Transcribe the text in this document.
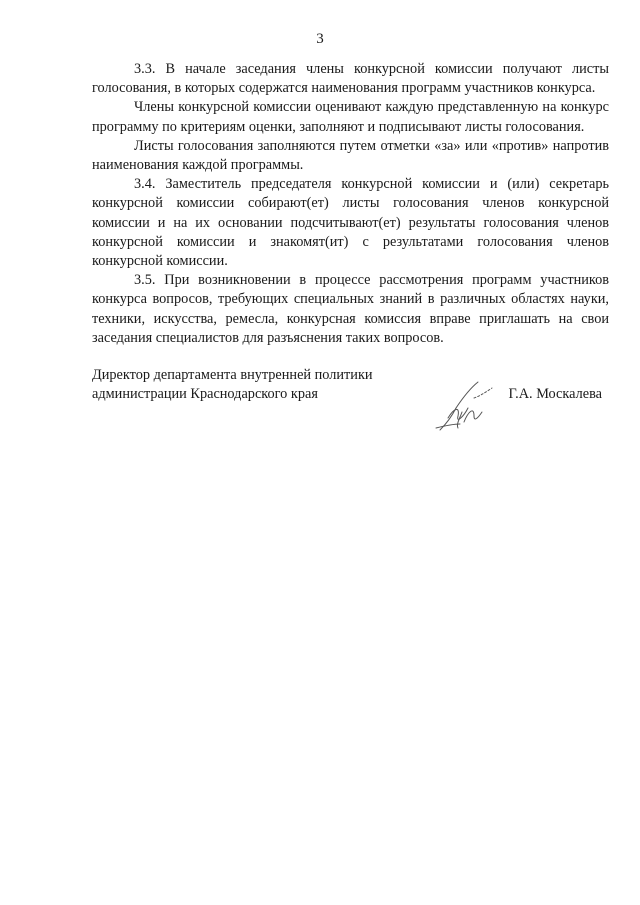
3

3.3. В начале заседания члены конкурсной комиссии получают листы голосования, в которых содержатся наименования программ участников конкурса.

Члены конкурсной комиссии оценивают каждую представленную на конкурс программу по критериям оценки, заполняют и подписывают листы голосования.

Листы голосования заполняются путем отметки «за» или «против» напротив наименования каждой программы.

3.4. Заместитель председателя конкурсной комиссии и (или) секретарь конкурсной комиссии собирают(ет) листы голосования членов конкурсной комиссии и на их основании подсчитывают(ет) результаты голосования членов конкурсной комиссии и знакомят(ит) с результатами голосования членов конкурсной комиссии.

3.5. При возникновении в процессе рассмотрения программ участников конкурса вопросов, требующих специальных знаний в различных областях науки, техники, искусства, ремесла, конкурсная комиссия вправе приглашать на свои заседания специалистов для разъяснения таких вопросов.

Директор департамента внутренней политики
администрации Краснодарского края	Г.А. Москалева
